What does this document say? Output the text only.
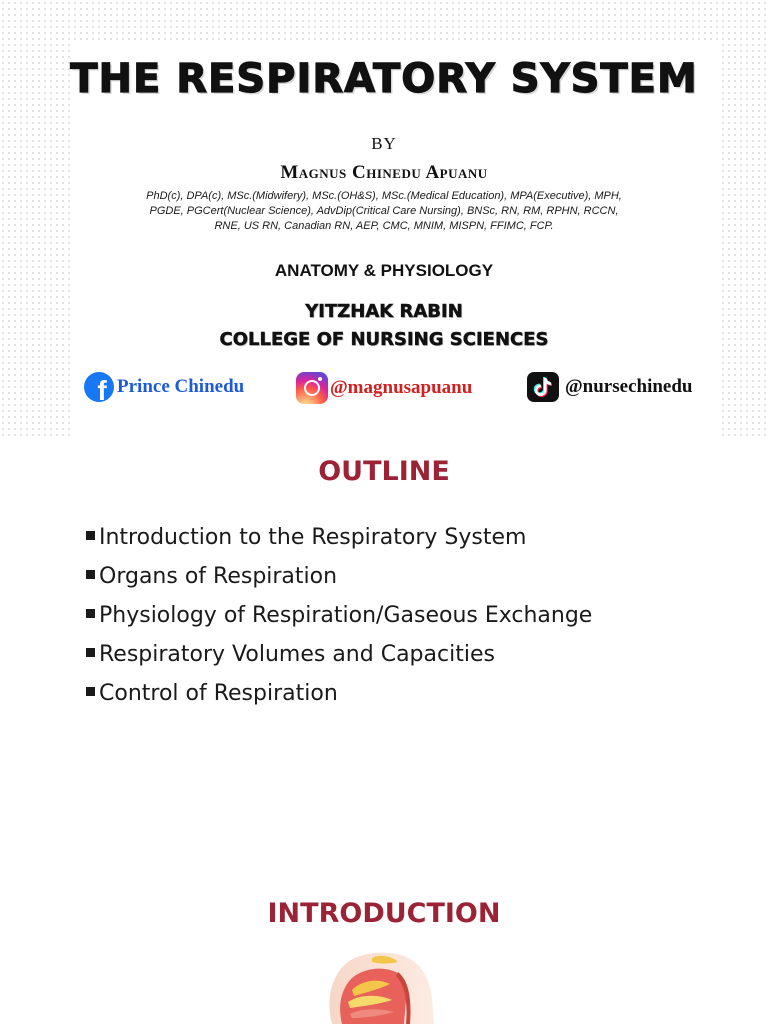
THE RESPIRATORY SYSTEM
BY
Magnus Chinedu Apuanu
PhD(c), DPA(c), MSc.(Midwifery), MSc.(OH&S), MSc.(Medical Education), MPA(Executive), MPH, PGDE, PGCert(Nuclear Science), AdvDip(Critical Care Nursing), BNSc, RN, RM, RPHN, RCCN, RNE, US RN, Canadian RN, AEP, CMC, MNIM, MISPN, FFIMC, FCP.
ANATOMY & PHYSIOLOGY
YITZHAK RABIN
COLLEGE OF NURSING SCIENCES
f Prince Chinedu	@magnusapuanu	@nursechinedu
OUTLINE
Introduction to the Respiratory System
Organs of Respiration
Physiology of Respiration/Gaseous Exchange
Respiratory Volumes and Capacities
Control of Respiration
INTRODUCTION
